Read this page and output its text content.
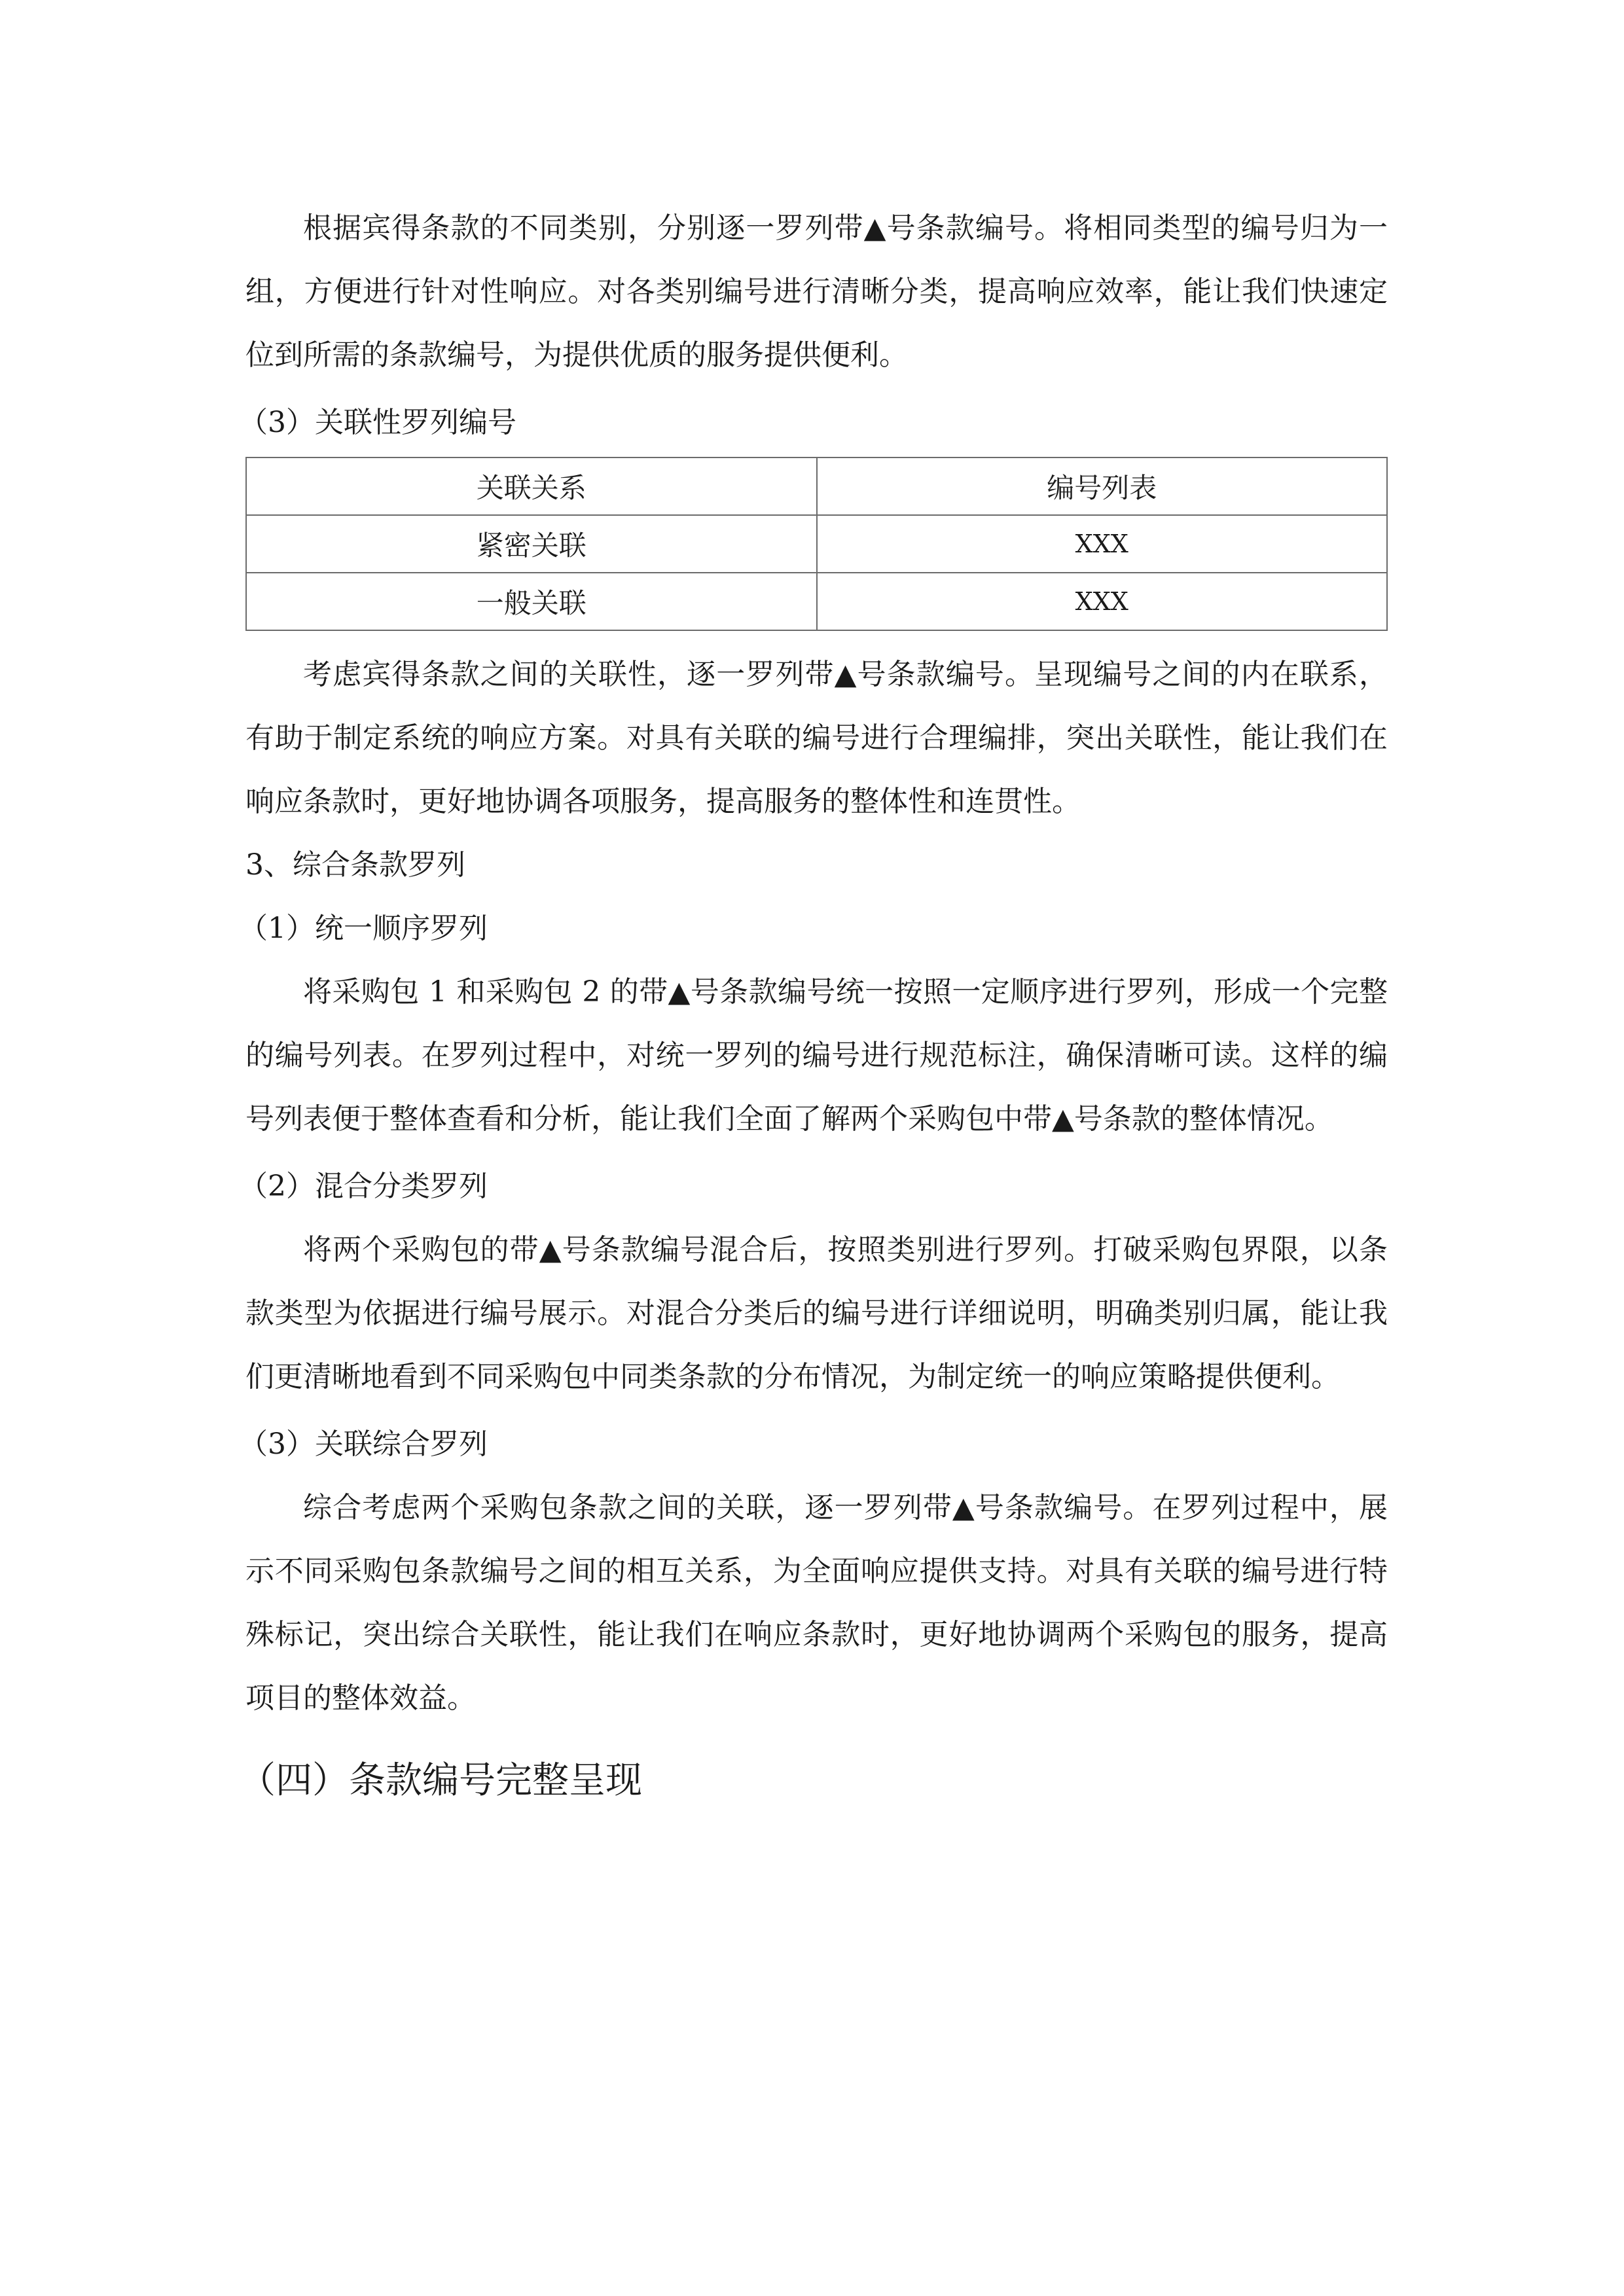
根据宾得条款的不同类别，分别逐一罗列带▲号条款编号。将相同类型的编号归为一组，方便进行针对性响应。对各类别编号进行清晰分类，提高响应效率，能让我们快速定位到所需的条款编号，为提供优质的服务提供便利。

（3）关联性罗列编号

关联关系	编号列表
紧密关联	XXX
一般关联	XXX

考虑宾得条款之间的关联性，逐一罗列带▲号条款编号。呈现编号之间的内在联系，有助于制定系统的响应方案。对具有关联的编号进行合理编排，突出关联性，能让我们在响应条款时，更好地协调各项服务，提高服务的整体性和连贯性。

3、综合条款罗列

（1）统一顺序罗列

将采购包 1 和采购包 2 的带▲号条款编号统一按照一定顺序进行罗列，形成一个完整的编号列表。在罗列过程中，对统一罗列的编号进行规范标注，确保清晰可读。这样的编号列表便于整体查看和分析，能让我们全面了解两个采购包中带▲号条款的整体情况。

（2）混合分类罗列

将两个采购包的带▲号条款编号混合后，按照类别进行罗列。打破采购包界限，以条款类型为依据进行编号展示。对混合分类后的编号进行详细说明，明确类别归属，能让我们更清晰地看到不同采购包中同类条款的分布情况，为制定统一的响应策略提供便利。

（3）关联综合罗列

综合考虑两个采购包条款之间的关联，逐一罗列带▲号条款编号。在罗列过程中，展示不同采购包条款编号之间的相互关系，为全面响应提供支持。对具有关联的编号进行特殊标记，突出综合关联性，能让我们在响应条款时，更好地协调两个采购包的服务，提高项目的整体效益。

（四）条款编号完整呈现
